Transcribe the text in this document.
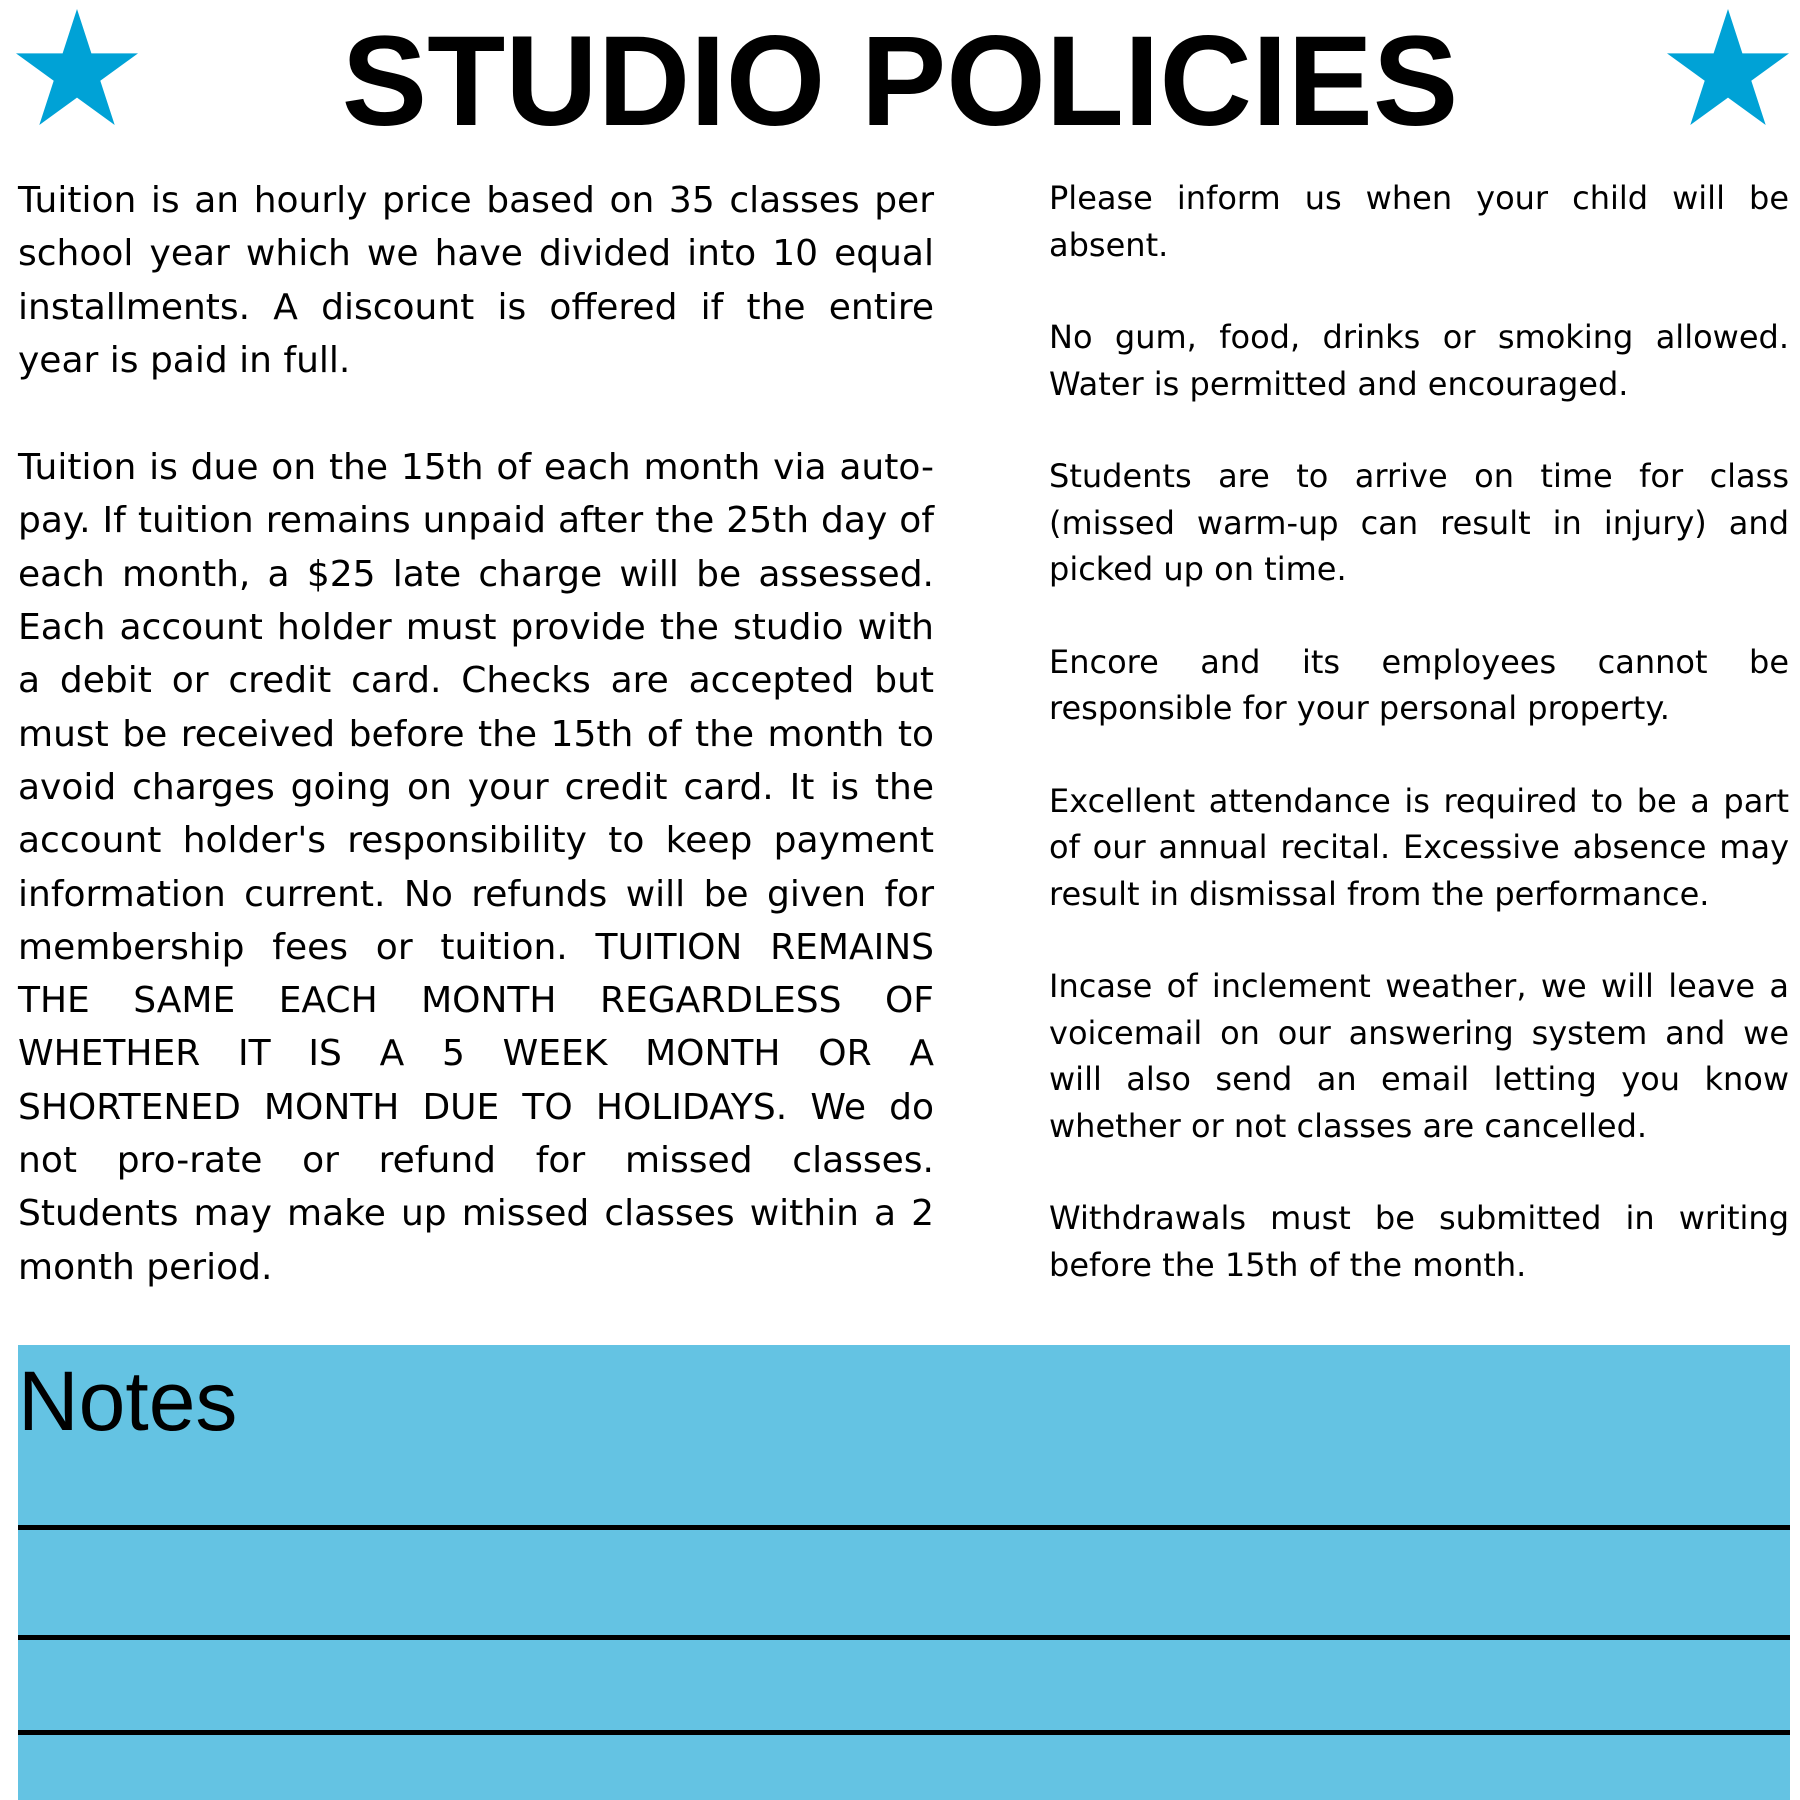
STUDIO POLICIES

Tuition is an hourly price based on 35 classes per school year which we have divided into 10 equal installments. A discount is offered if the entire year is paid in full.

Tuition is due on the 15th of each month via auto-pay. If tuition remains unpaid after the 25th day of each month, a $25 late charge will be assessed. Each account holder must provide the studio with a debit or credit card. Checks are accepted but must be received before the 15th of the month to avoid charges going on your credit card. It is the account holder's responsibility to keep payment information current. No refunds will be given for membership fees or tuition. TUITION REMAINS THE SAME EACH MONTH REGARDLESS OF WHETHER IT IS A 5 WEEK MONTH OR A SHORTENED MONTH DUE TO HOLIDAYS. We do not pro-rate or refund for missed classes. Students may make up missed classes within a 2 month period.

Please inform us when your child will be absent.

No gum, food, drinks or smoking allowed. Water is permitted and encouraged.

Students are to arrive on time for class (missed warm-up can result in injury) and picked up on time.

Encore and its employees cannot be responsible for your personal property.

Excellent attendance is required to be a part of our annual recital. Excessive absence may result in dismissal from the performance.

Incase of inclement weather, we will leave a voicemail on our answering system and we will also send an email letting you know whether or not classes are cancelled.

Withdrawals must be submitted in writing before the 15th of the month.

Notes
